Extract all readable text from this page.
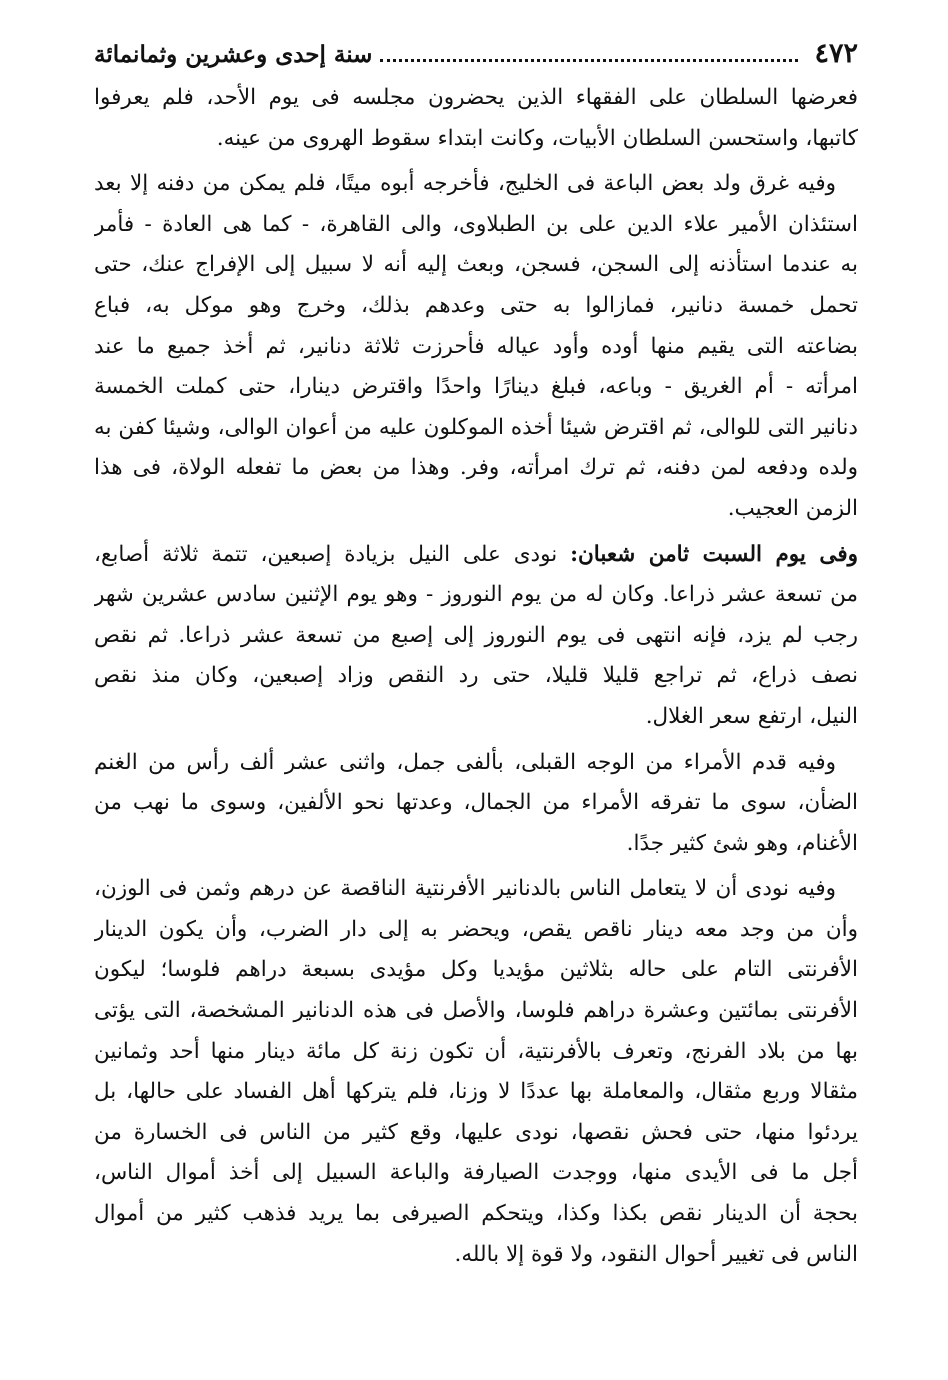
٤٧٢
سنة إحدى وعشرين وثمانمائة
فعرضها السلطان على الفقهاء الذين يحضرون مجلسه فى يوم الأحد، فلم يعرفوا
كاتبها، واستحسن السلطان الأبيات، وكانت ابتداء سقوط الهروى من عينه.
وفيه غرق ولد بعض الباعة فى الخليج، فأخرجه أبوه ميتًا، فلم يمكن من دفنه إلا بعد
استئذان الأمير علاء الدين على بن الطبلاوى، والى القاهرة، - كما هى العادة - فأمر
به عندما استأذنه إلى السجن، فسجن، وبعث إليه أنه لا سبيل إلى الإفراج عنك، حتى
تحمل خمسة دنانير، فمازالوا به حتى وعدهم بذلك، وخرج وهو موكل به، فباع
بضاعته التى يقيم منها أوده وأود عياله فأحرزت ثلاثة دنانير، ثم أخذ جميع ما عند
امرأته - أم الغريق - وباعه، فبلغ دينارًا واحدًا واقترض دينارا، حتى كملت الخمسة
دنانير التى للوالى، ثم اقترض شيئا أخذه الموكلون عليه من أعوان الوالى، وشيئا كفن به
ولده ودفعه لمن دفنه، ثم ترك امرأته، وفر. وهذا من بعض ما تفعله الولاة، فى هذا
الزمن العجيب.
وفى يوم السبت ثامن شعبان: نودى على النيل بزيادة إصبعين، تتمة ثلاثة أصابع،
من تسعة عشر ذراعا. وكان له من يوم النوروز - وهو يوم الإثنين سادس عشرين شهر
رجب لم يزد، فإنه انتهى فى يوم النوروز إلى إصبع من تسعة عشر ذراعا. ثم نقص
نصف ذراع، ثم تراجع قليلا قليلا، حتى رد النقص وزاد إصبعين، وكان منذ نقص
النيل، ارتفع سعر الغلال.
وفيه قدم الأمراء من الوجه القبلى، بألفى جمل، واثنى عشر ألف رأس من الغنم
الضأن، سوى ما تفرقه الأمراء من الجمال، وعدتها نحو الألفين، وسوى ما نهب من
الأغنام، وهو شئ كثير جدًا.
وفيه نودى أن لا يتعامل الناس بالدنانير الأفرنتية الناقصة عن درهم وثمن فى الوزن،
وأن من وجد معه دينار ناقص يقص، ويحضر به إلى دار الضرب، وأن يكون الدينار
الأفرنتى التام على حاله بثلاثين مؤيديا وكل مؤيدى بسبعة دراهم فلوسا؛ ليكون
الأفرنتى بمائتين وعشرة دراهم فلوسا، والأصل فى هذه الدنانير المشخصة، التى يؤتى
بها من بلاد الفرنج، وتعرف بالأفرنتية، أن تكون زنة كل مائة دينار منها أحد وثمانين
مثقالا وربع مثقال، والمعاملة بها عددًا لا وزنا، فلم يتركها أهل الفساد على حالها، بل
يردئوا منها، حتى فحش نقصها، نودى عليها، وقع كثير من الناس فى الخسارة من
أجل ما فى الأيدى منها، ووجدت الصيارفة والباعة السبيل إلى أخذ أموال الناس،
بحجة أن الدينار نقص بكذا وكذا، ويتحكم الصيرفى بما يريد فذهب كثير من أموال
الناس فى تغيير أحوال النقود، ولا قوة إلا بالله.
